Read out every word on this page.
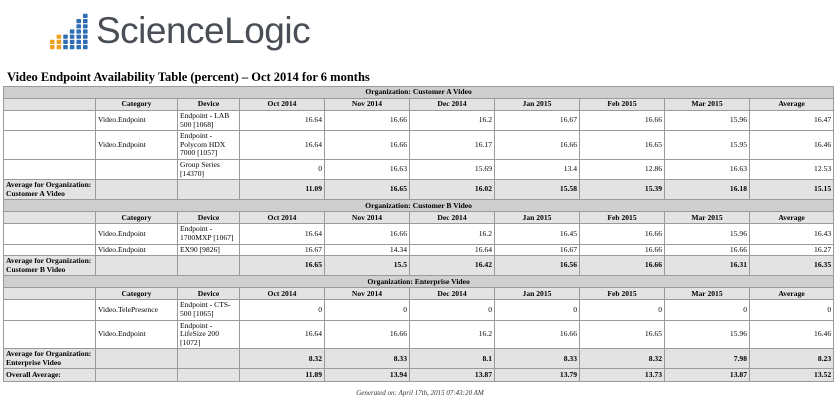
ScienceLogic
Video Endpoint Availability Table (percent) – Oct 2014 for 6 months
Organization: Customer A Video									
	Category	Device	Oct 2014	Nov 2014	Dec 2014	Jan 2015	Feb 2015	Mar 2015	Average
	Video.Endpoint	Endpoint - LAB 500 [1068]	16.64	16.66	16.2	16.67	16.66	15.96	16.47
	Video.Endpoint	Endpoint - Polycom HDX 7000 [1057]	16.64	16.66	16.17	16.66	16.65	15.95	16.46
		Group Series [14370]	0	16.63	15.69	13.4	12.86	16.63	12.53
Average for Organization: Customer A Video			11.09	16.65	16.02	15.58	15.39	16.18	15.15
Organization: Customer B Video									
	Category	Device	Oct 2014	Nov 2014	Dec 2014	Jan 2015	Feb 2015	Mar 2015	Average
	Video.Endpoint	Endpoint - 1700MXP [1067]	16.64	16.66	16.2	16.45	16.66	15.96	16.43
	Video.Endpoint	EX90 [9826]	16.67	14.34	16.64	16.67	16.66	16.66	16.27
Average for Organization: Customer B Video			16.65	15.5	16.42	16.56	16.66	16.31	16.35
Organization: Enterprise Video									
	Category	Device	Oct 2014	Nov 2014	Dec 2014	Jan 2015	Feb 2015	Mar 2015	Average
	Video.TelePresence	Endpoint - CTS-500 [1065]	0	0	0	0	0	0	0
	Video.Endpoint	Endpoint - LifeSize 200 [1072]	16.64	16.66	16.2	16.66	16.65	15.96	16.46
Average for Organization: Enterprise Video			8.32	8.33	8.1	8.33	8.32	7.98	8.23
Overall Average:			11.89	13.94	13.87	13.79	13.73	13.87	13.52
Generated on: April 17th, 2015 07:43:20 AM
